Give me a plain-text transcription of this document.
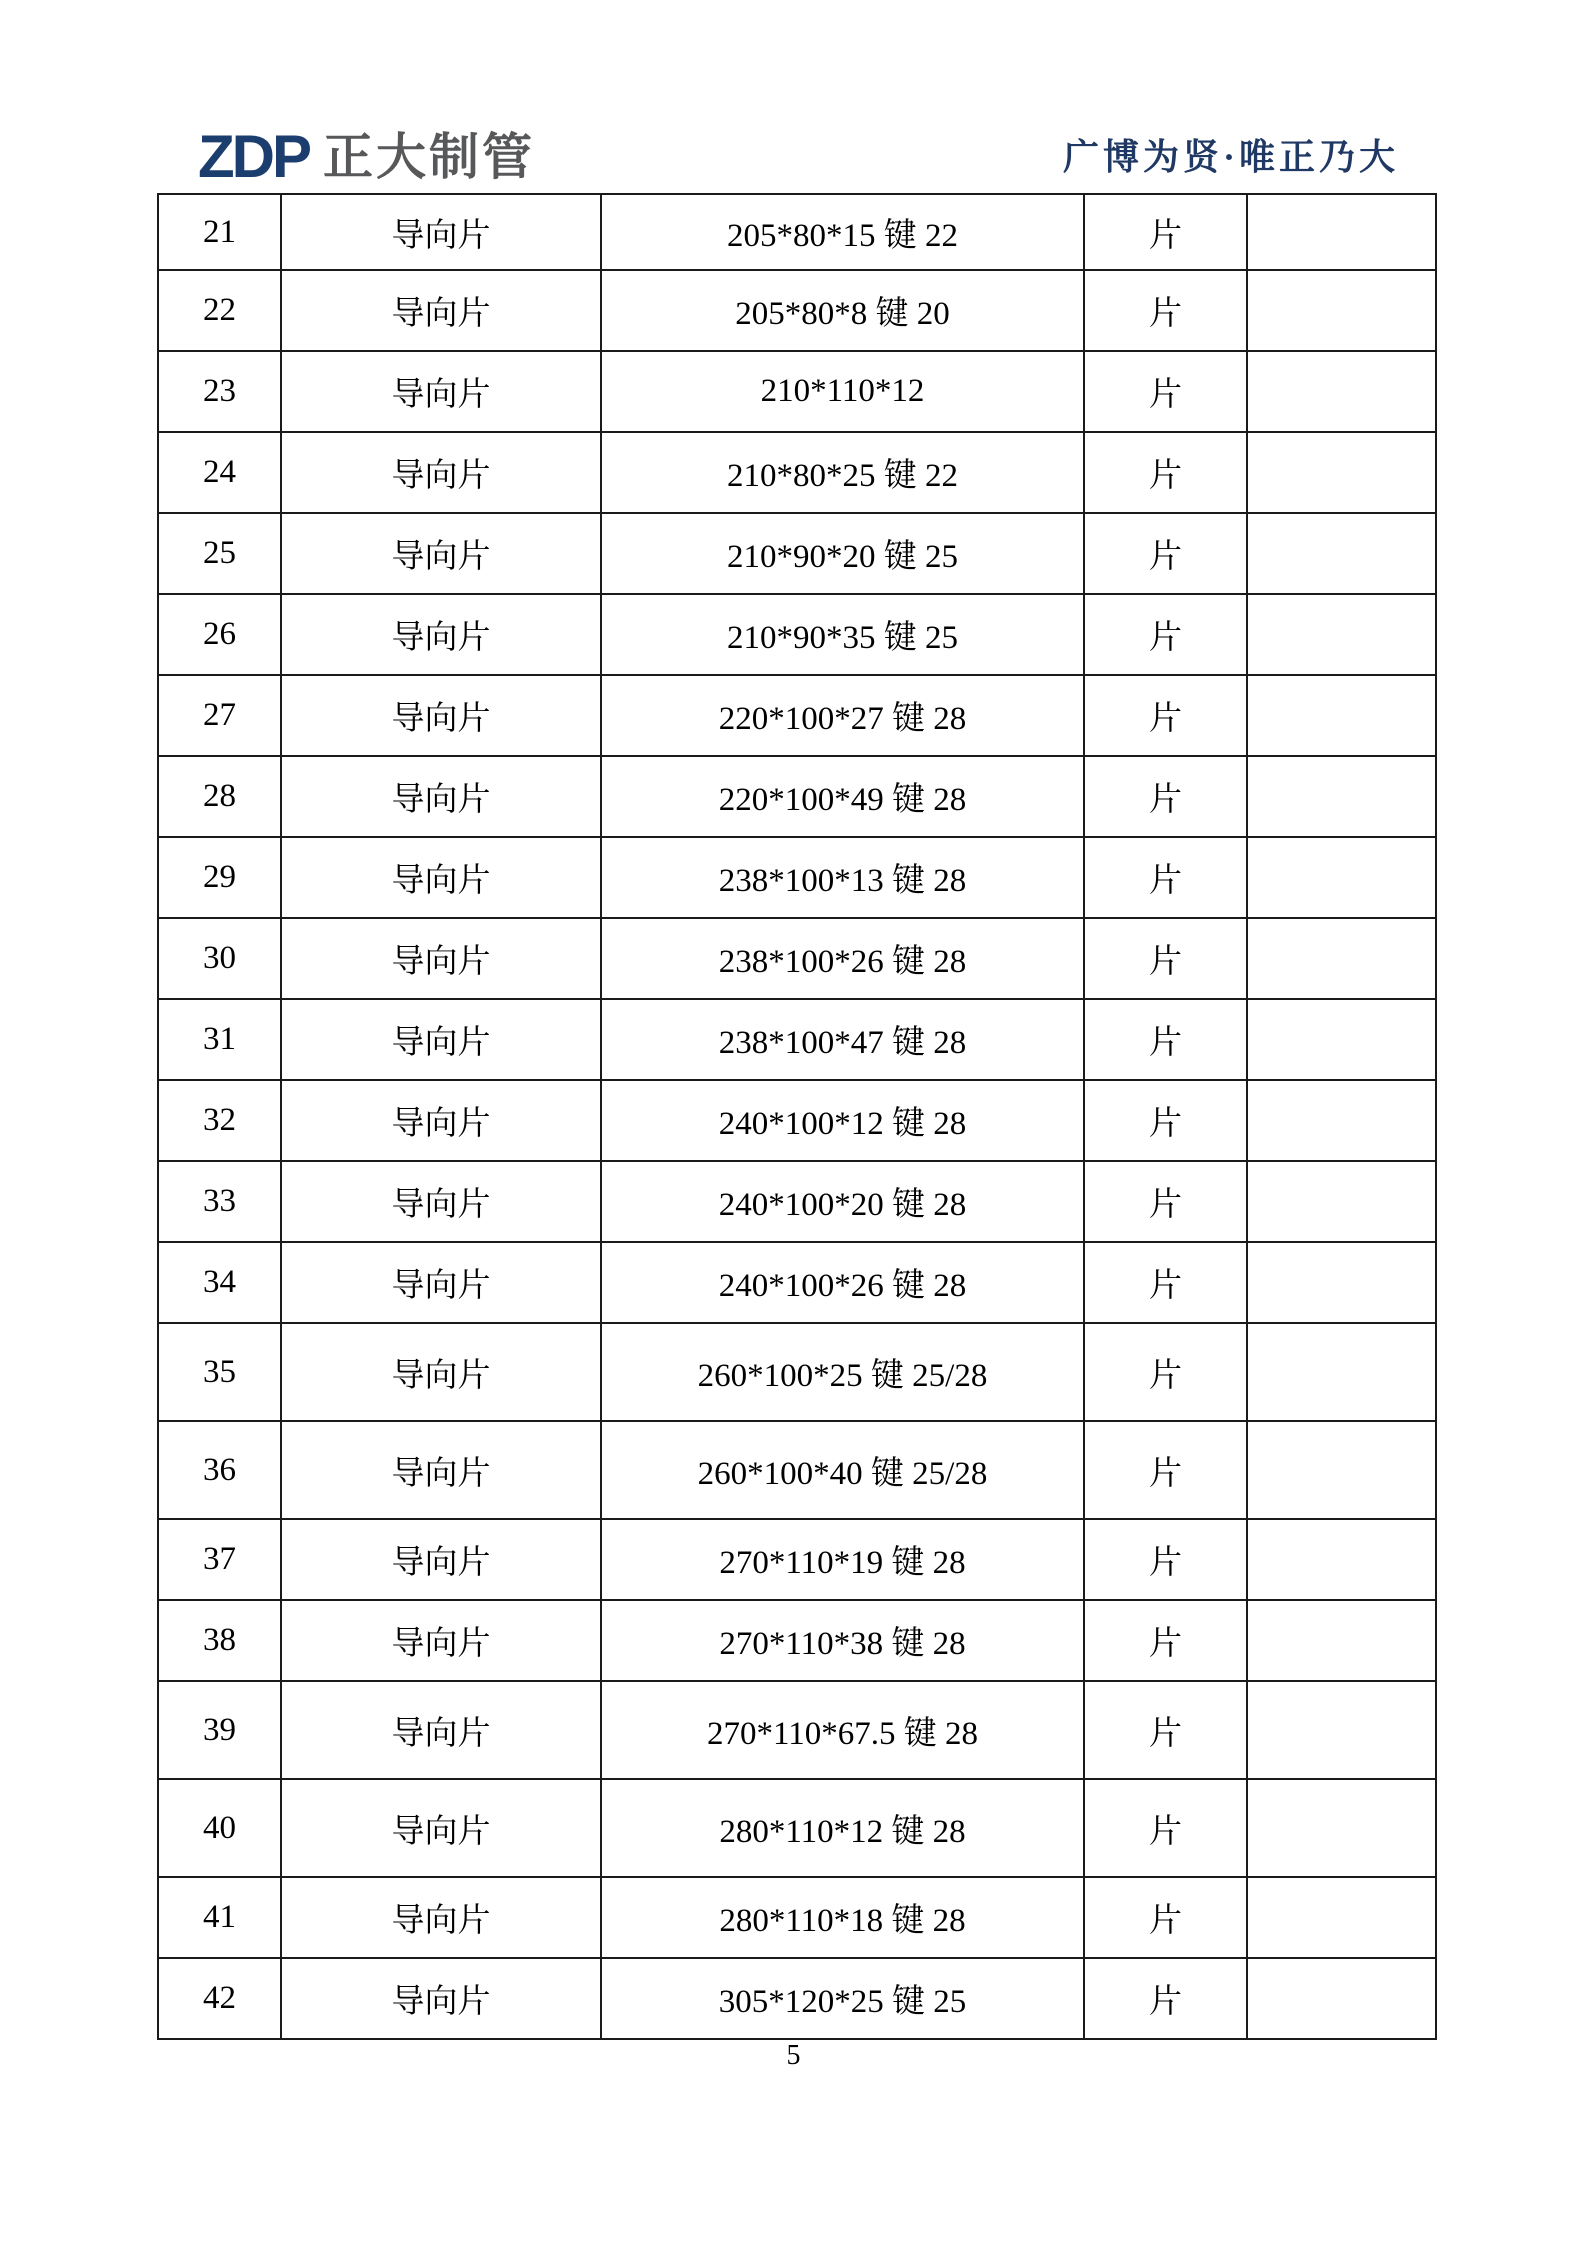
ZDP 正大制管	广博为贤·唯正乃大
21	导向片	205*80*15 键 22	片	
22	导向片	205*80*8 键 20	片	
23	导向片	210*110*12	片	
24	导向片	210*80*25 键 22	片	
25	导向片	210*90*20 键 25	片	
26	导向片	210*90*35 键 25	片	
27	导向片	220*100*27 键 28	片	
28	导向片	220*100*49 键 28	片	
29	导向片	238*100*13 键 28	片	
30	导向片	238*100*26 键 28	片	
31	导向片	238*100*47 键 28	片	
32	导向片	240*100*12 键 28	片	
33	导向片	240*100*20 键 28	片	
34	导向片	240*100*26 键 28	片	
35	导向片	260*100*25 键 25/28	片	
36	导向片	260*100*40 键 25/28	片	
37	导向片	270*110*19 键 28	片	
38	导向片	270*110*38 键 28	片	
39	导向片	270*110*67.5 键 28	片	
40	导向片	280*110*12 键 28	片	
41	导向片	280*110*18 键 28	片	
42	导向片	305*120*25 键 25	片	
5
